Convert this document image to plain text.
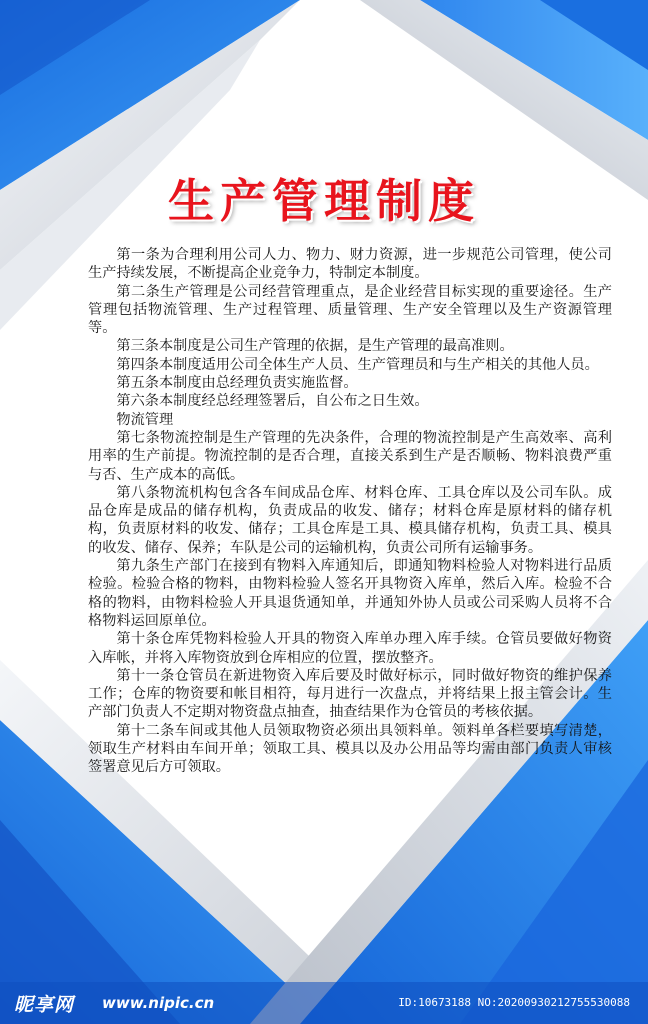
生产管理制度

第一条为合理利用公司人力、物力、财力资源，进一步规范公司管理，使公司生产持续发展，不断提高企业竞争力，特制定本制度。

第二条生产管理是公司经营管理重点，是企业经营目标实现的重要途径。生产管理包括物流管理、生产过程管理、质量管理、生产安全管理以及生产资源管理等。

第三条本制度是公司生产管理的依据，是生产管理的最高准则。

第四条本制度适用公司全体生产人员、生产管理员和与生产相关的其他人员。

第五条本制度由总经理负责实施监督。

第六条本制度经总经理签署后，自公布之日生效。

物流管理

第七条物流控制是生产管理的先决条件，合理的物流控制是产生高效率、高利用率的生产前提。物流控制的是否合理，直接关系到生产是否顺畅、物料浪费严重与否、生产成本的高低。

第八条物流机构包含各车间成品仓库、材料仓库、工具仓库以及公司车队。成品仓库是成品的储存机构，负责成品的收发、储存；材料仓库是原材料的储存机构，负责原材料的收发、储存；工具仓库是工具、模具储存机构，负责工具、模具的收发、储存、保养；车队是公司的运输机构，负责公司所有运输事务。

第九条生产部门在接到有物料入库通知后，即通知物料检验人对物料进行品质检验。检验合格的物料，由物料检验人签名开具物资入库单，然后入库。检验不合格的物料，由物料检验人开具退货通知单，并通知外协人员或公司采购人员将不合格物料运回原单位。

第十条仓库凭物料检验人开具的物资入库单办理入库手续。仓管员要做好物资入库帐，并将入库物资放到仓库相应的位置，摆放整齐。

第十一条仓管员在新进物资入库后要及时做好标示，同时做好物资的维护保养工作；仓库的物资要和帐目相符，每月进行一次盘点，并将结果上报主管会计。生产部门负责人不定期对物资盘点抽查，抽查结果作为仓管员的考核依据。

第十二条车间或其他人员领取物资必须出具领料单。领料单各栏要填写清楚，领取生产材料由车间开单；领取工具、模具以及办公用品等均需由部门负责人审核签署意见后方可领取。

昵享网 www.nipic.cn	ID:10673188 NO:20200930212755530088
